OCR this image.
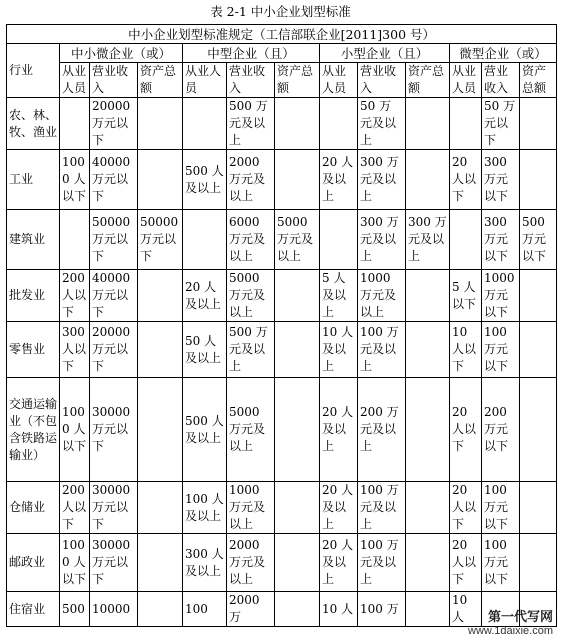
表 2-1 中小企业划型标准
中小企业划型标准规定（工信部联企业[2011]300 号）												
行业	中小微企业（或）			中型企业（且）			小型企业（且）			微型企业（或）		
	从业人员	营业收入	资产总额	从业人员	营业收入	资产总额	从业人员	营业收入	资产总额	从业人员	营业收入	资产总额
农、林、牧、渔业		20000 万元以下			500 万元及以上			50 万元及以上			50 万元以下	
工业	1000 人以下	40000 万元以下		500 人及以上	2000 万元及以上		20 人及以上	300 万元及以上		20 人以下	300 万元以下	
建筑业		50000 万元以下	50000 万元以下		6000 万元及以上	5000 万元及以上		300 万元及以上	300 万元及以上		300 万元以下	500 万元以下
批发业	200 人以下	40000 万元以下		20 人及以上	5000 万元及以上		5 人及以上	1000 万元及以上		5 人以下	1000 万元以下	
零售业	300 人以下	20000 万元以下		50 人及以上	500 万元及以上		10 人及以上	100 万元及以上		10 人以下	100 万元以下	
交通运输业（不包含铁路运输业）	1000 人以下	30000 万元以下		500 人及以上	5000 万元及以上		20 人及以上	200 万元及以上		20 人以下	200 万元以下	
仓储业	200 人以下	30000 万元以下		100 人及以上	1000 万元及以上		20 人及以上	100 万元及以上		20 人以下	100 万元以下	
邮政业	1000 人以下	30000 万元以下		300 人及以上	2000 万元及以上		20 人及以上	100 万元及以上		20 人以下	100 万元以下	
住宿业	500	10000		100	2000 万		10 人	100 万		10 人			第一代写网
www.1daixie.com
